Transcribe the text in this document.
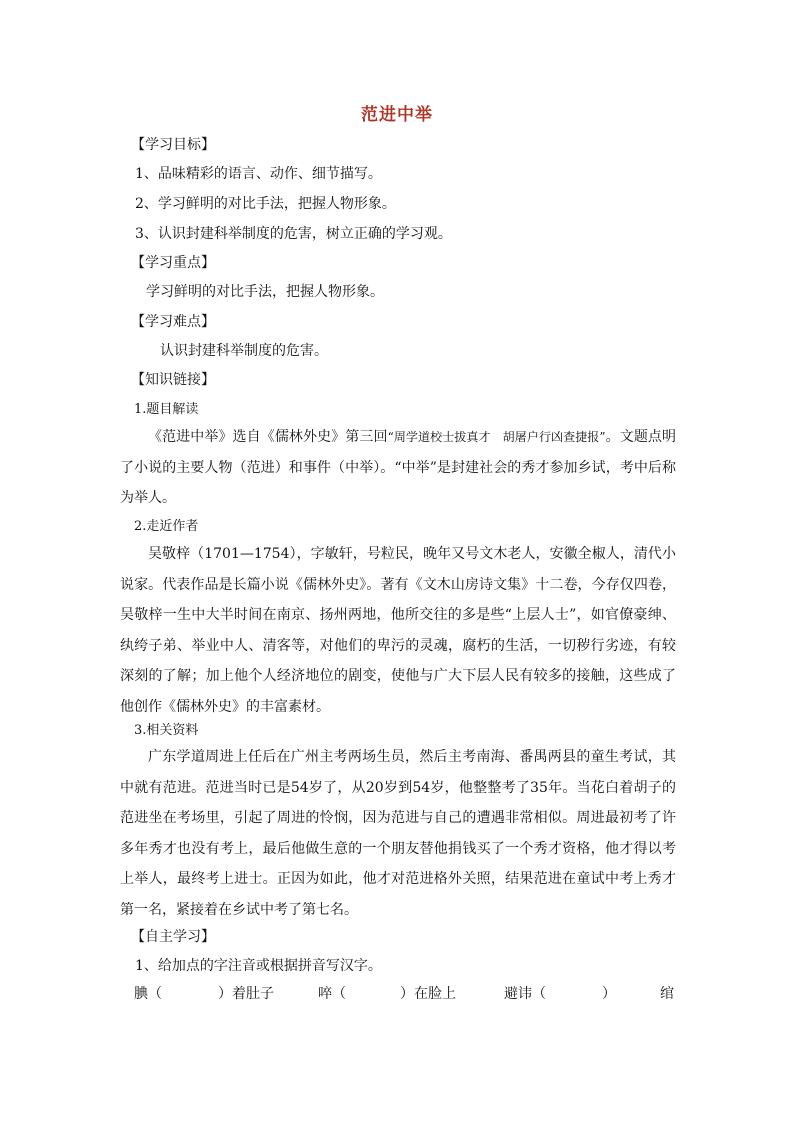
范进中举
【学习目标】
1、品味精彩的语言、动作、细节描写。
2、学习鲜明的对比手法，把握人物形象。
3、认识封建科举制度的危害，树立正确的学习观。
【学习重点】
学习鲜明的对比手法，把握人物形象。
【学习难点】
认识封建科举制度的危害。
【知识链接】
1.题目解读
《范进中举》选自《儒林外史》第三回“周学道校士拔真才　胡屠户行凶查捷报”。文题点明了小说的主要人物（范进）和事件（中举）。“中举”是封建社会的秀才参加乡试，考中后称为举人。
2.走近作者
吴敬梓（1701—1754），字敏轩，号粒民，晚年又号文木老人，安徽全椒人，清代小说家。代表作品是长篇小说《儒林外史》。著有《文木山房诗文集》十二卷，今存仅四卷，吴敬梓一生中大半时间在南京、扬州两地，他所交往的多是些“上层人士”，如官僚豪绅、纨绔子弟、举业中人、清客等，对他们的卑污的灵魂，腐朽的生活，一切秽行劣迹，有较深刻的了解；加上他个人经济地位的剧变，使他与广大下层人民有较多的接触，这些成了他创作《儒林外史》的丰富素材。
3.相关资料
广东学道周进上任后在广州主考两场生员，然后主考南海、番禺两县的童生考试，其中就有范进。范进当时已是54岁了，从20岁到54岁，他整整考了35年。当花白着胡子的范进坐在考场里，引起了周进的怜悯，因为范进与自己的遭遇非常相似。周进最初考了许多年秀才也没有考上，最后他做生意的一个朋友替他捐钱买了一个秀才资格，他才得以考上举人，最终考上进士。正因为如此，他才对范进格外关照，结果范进在童试中考上秀才第一名，紧接着在乡试中考了第七名。
【自主学习】
1、给加点的字注音或根据拼音写汉字。
腆（	）着肚子	啐（	）在脸上	避讳（	）	绾
